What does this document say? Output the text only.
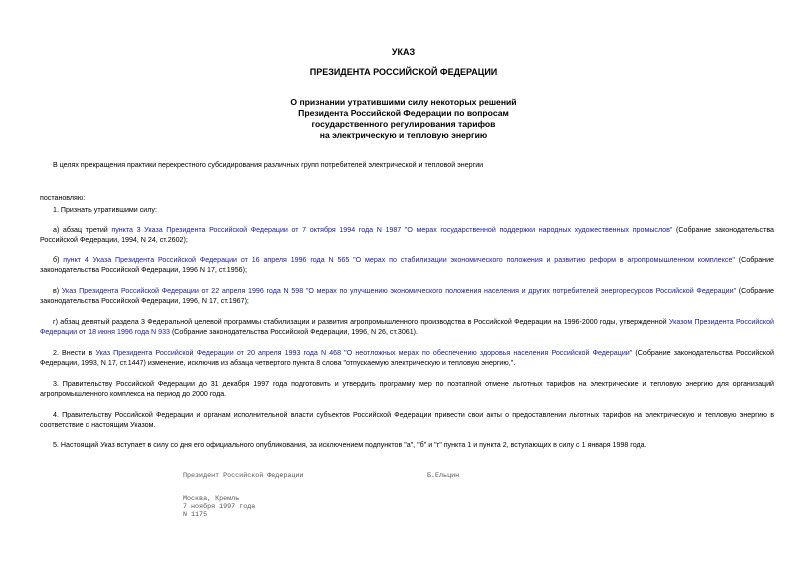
УКАЗ
ПРЕЗИДЕНТА РОССИЙСКОЙ ФЕДЕРАЦИИ
О признании утратившими силу некоторых решений
Президента Российской Федерации по вопросам
государственного регулирования тарифов
на электрическую и тепловую энергию
В целях прекращения практики перекрестного субсидирования различных групп потребителей электрической и тепловой энергии
постановляю:
1. Признать утратившими силу:
а) абзац третий пункта 3 Указа Президента Российской Федерации от 7 октября 1994 года N 1987 "О мерах государственной поддержки народных художественных промыслов" (Собрание законодательства Российской Федерации, 1994, N 24, ст.2602);
б) пункт 4 Указа Президента Российской Федерации от 16 апреля 1996 года N 565 "О мерах по стабилизации экономического положения и развитию реформ в агропромышленном комплексе" (Собрание законодательства Российской Федерации, 1996 N 17, ст.1956);
в) Указ Президента Российской Федерации от 22 апреля 1996 года N 598 "О мерах по улучшению экономического положения населения и других потребителей энергоресурсов Российской Федерации" (Собрание законодательства Российской Федерации, 1996, N 17, ст.1967);
г) абзац девятый раздела 3 Федеральной целевой программы стабилизации и развития агропромышленного производства в Российской Федерации на 1996-2000 годы, утвержденной Указом Президента Российской Федерации от 18 июня 1996 года N 933 (Собрание законодательства Российской Федерации, 1996, N 26, ст.3061).
2. Внести в Указ Президента Российской Федерации от 20 апреля 1993 года N 468 "О неотложных мерах по обеспечению здоровья населения Российской Федерации" (Собрание законодательства Российской Федерации, 1993, N 17, ст.1447) изменение, исключив из абзаца четвертого пункта 8 слова "отпускаемую электрическую и тепловую энергию,".
3. Правительству Российской Федерации до 31 декабря 1997 года подготовить и утвердить программу мер по поэтапной отмене льготных тарифов на электрические и тепловую энергию для организаций агропромышленного комплекса на период до 2000 года.
4. Правительству Российской Федерации и органам исполнительной власти субъектов Российской Федерации привести свои акты о предоставлении льготных тарифов на электрическую и тепловую энергию в соответствие с настоящим Указом.
5. Настоящий Указ вступает в силу со дня его официального опубликования, за исключением подпунктов "а", "б" и "г" пункта 1 и пункта 2, вступающих в силу с 1 января 1998 года.
Президент Российской Федерации	Б.Ельцин
Москва, Кремль
7 ноября 1997 года
N 1175
